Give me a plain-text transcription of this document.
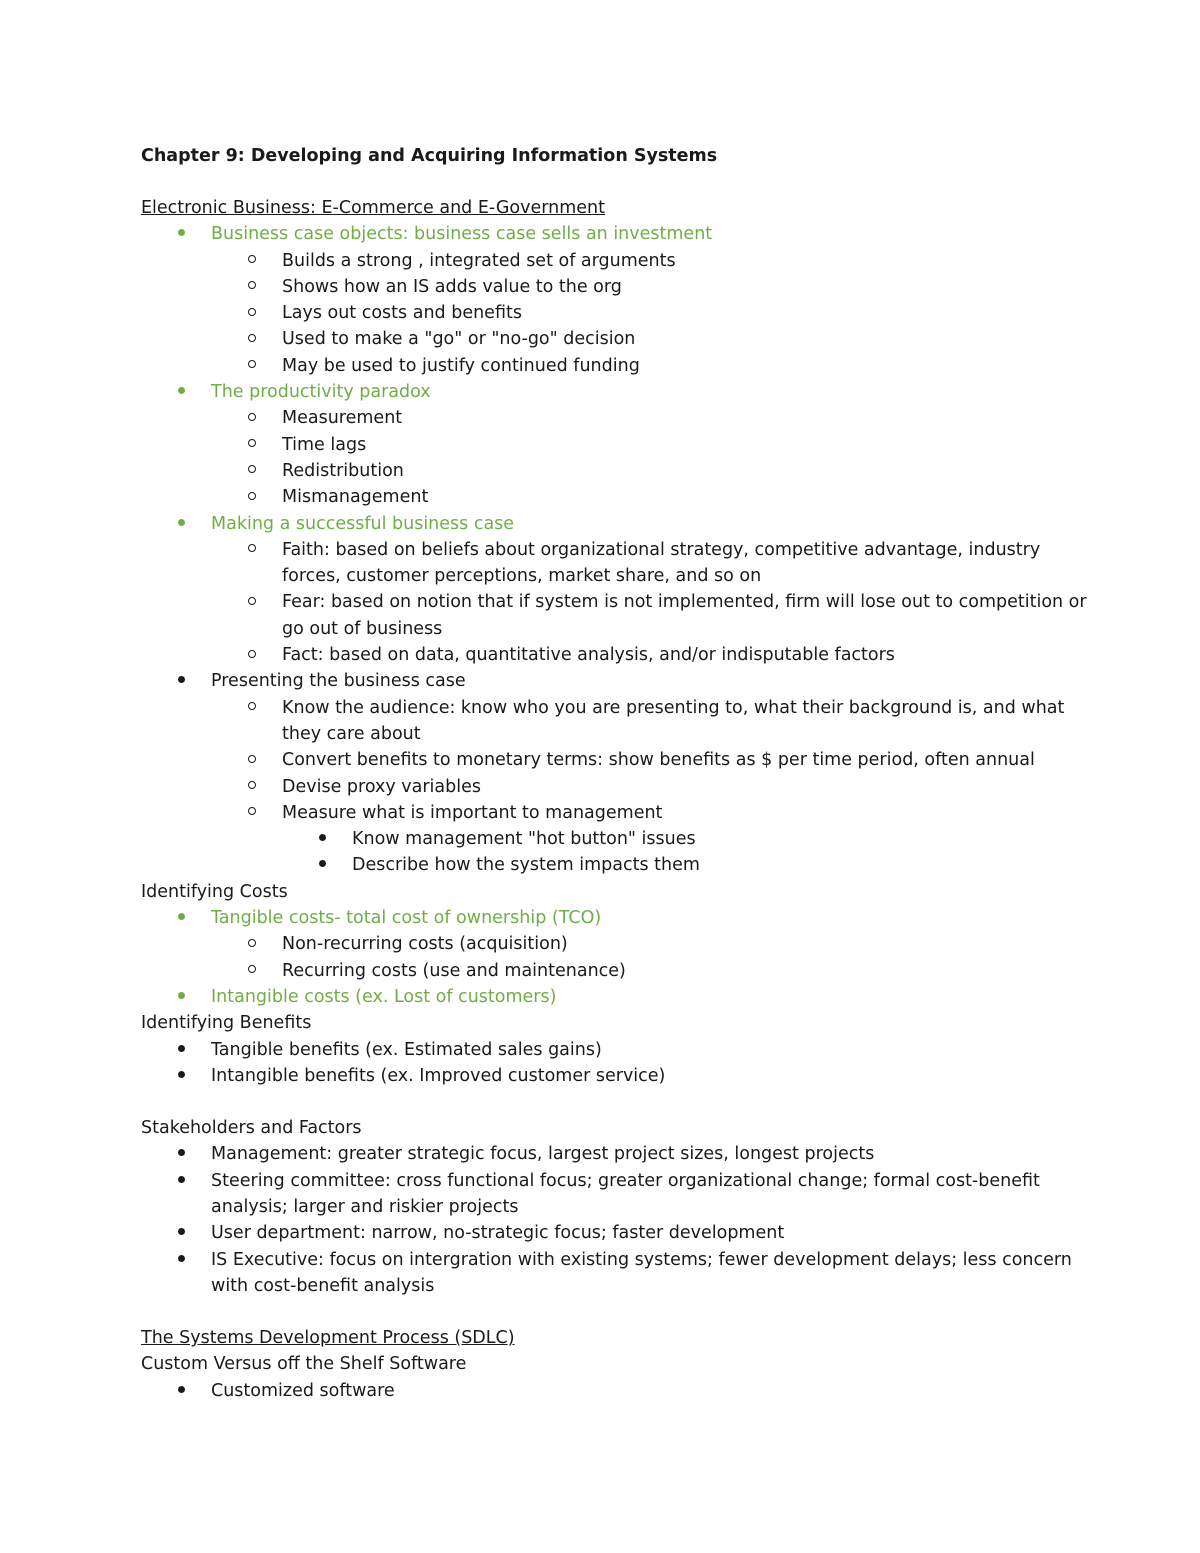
Chapter 9: Developing and Acquiring Information Systems

Electronic Business: E-Commerce and E-Government

Business case objects: business case sells an investment
Builds a strong , integrated set of arguments
Shows how an IS adds value to the org
Lays out costs and benefits
Used to make a "go" or "no-go" decision
May be used to justify continued funding
The productivity paradox
Measurement
Time lags
Redistribution
Mismanagement
Making a successful business case
Faith: based on beliefs about organizational strategy, competitive advantage, industry forces, customer perceptions, market share, and so on
Fear: based on notion that if system is not implemented, firm will lose out to competition or go out of business
Fact: based on data, quantitative analysis, and/or indisputable factors
Presenting the business case
Know the audience: know who you are presenting to, what their background is, and what they care about
Convert benefits to monetary terms: show benefits as $ per time period, often annual
Devise proxy variables
Measure what is important to management
Know management "hot button" issues
Describe how the system impacts them

Identifying Costs

Tangible costs- total cost of ownership (TCO)
Non-recurring costs (acquisition)
Recurring costs (use and maintenance)
Intangible costs (ex. Lost of customers)

Identifying Benefits

Tangible benefits (ex. Estimated sales gains)
Intangible benefits (ex. Improved customer service)

Stakeholders and Factors

Management: greater strategic focus, largest project sizes, longest projects
Steering committee: cross functional focus; greater organizational change; formal cost-benefit analysis; larger and riskier projects
User department: narrow, no-strategic focus; faster development
IS Executive: focus on intergration with existing systems; fewer development delays; less concern with cost-benefit analysis

The Systems Development Process (SDLC)

Custom Versus off the Shelf Software

Customized software
